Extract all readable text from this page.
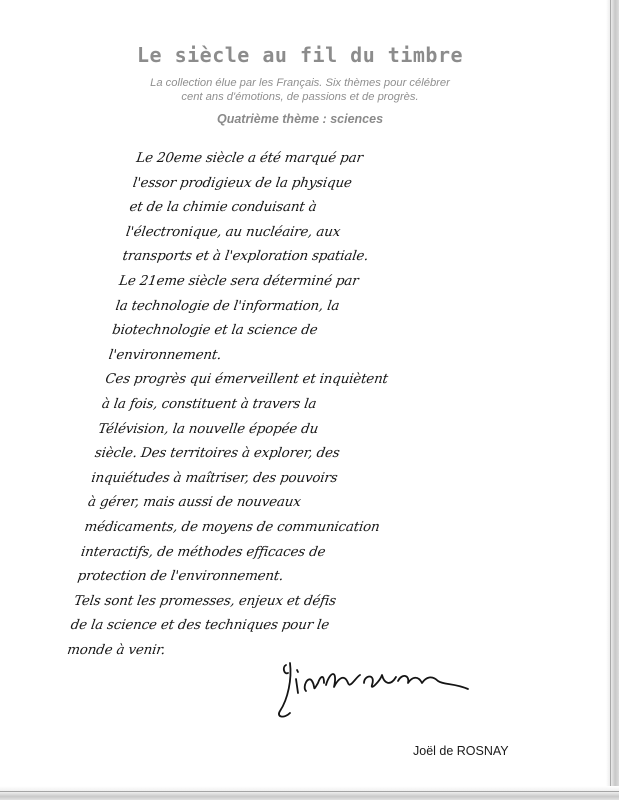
Le siècle au fil du timbre
La collection élue par les Français. Six thèmes pour célébrer
cent ans d'émotions, de passions et de progrès.
Quatrième thème : sciences
Le 20eme siècle a été marqué par
l'essor prodigieux de la physique
et de la chimie conduisant à
l'électronique, au nucléaire, aux
transports et à l'exploration spatiale.
Le 21eme siècle sera déterminé par
la technologie de l'information, la
biotechnologie et la science de
l'environnement.
Ces progrès qui émerveillent et inquiètent
à la fois, constituent à travers la
Télévision, la nouvelle épopée du
siècle. Des territoires à explorer, des
inquiétudes à maîtriser, des pouvoirs
à gérer, mais aussi de nouveaux
médicaments, de moyens de communication
interactifs, de méthodes efficaces de
protection de l'environnement.
Tels sont les promesses, enjeux et défis
de la science et des techniques pour le
monde à venir.
Joël de ROSNAY
